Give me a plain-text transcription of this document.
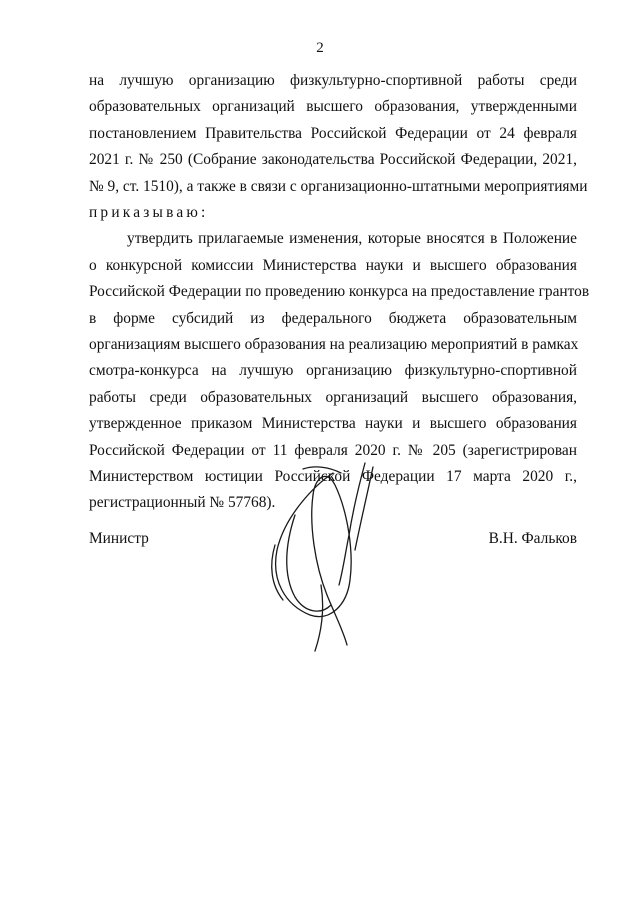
2
на лучшую организацию физкультурно-спортивной работы среди
образовательных организаций высшего образования, утвержденными
постановлением Правительства Российской Федерации от 24 февраля
2021 г. № 250 (Собрание законодательства Российской Федерации, 2021,
№ 9, ст. 1510), а также в связи с организационно-штатными мероприятиями
приказываю:
утвердить прилагаемые изменения, которые вносятся в Положение
о конкурсной комиссии Министерства науки и высшего образования
Российской Федерации по проведению конкурса на предоставление грантов
в форме субсидий из федерального бюджета образовательным
организациям высшего образования на реализацию мероприятий в рамках
смотра-конкурса на лучшую организацию физкультурно-спортивной
работы среди образовательных организаций высшего образования,
утвержденное приказом Министерства науки и высшего образования
Российской Федерации от 11 февраля 2020 г. № 205 (зарегистрирован
Министерством юстиции Российской Федерации 17 марта 2020 г.,
регистрационный № 57768).
Министр	В.Н. Фальков
